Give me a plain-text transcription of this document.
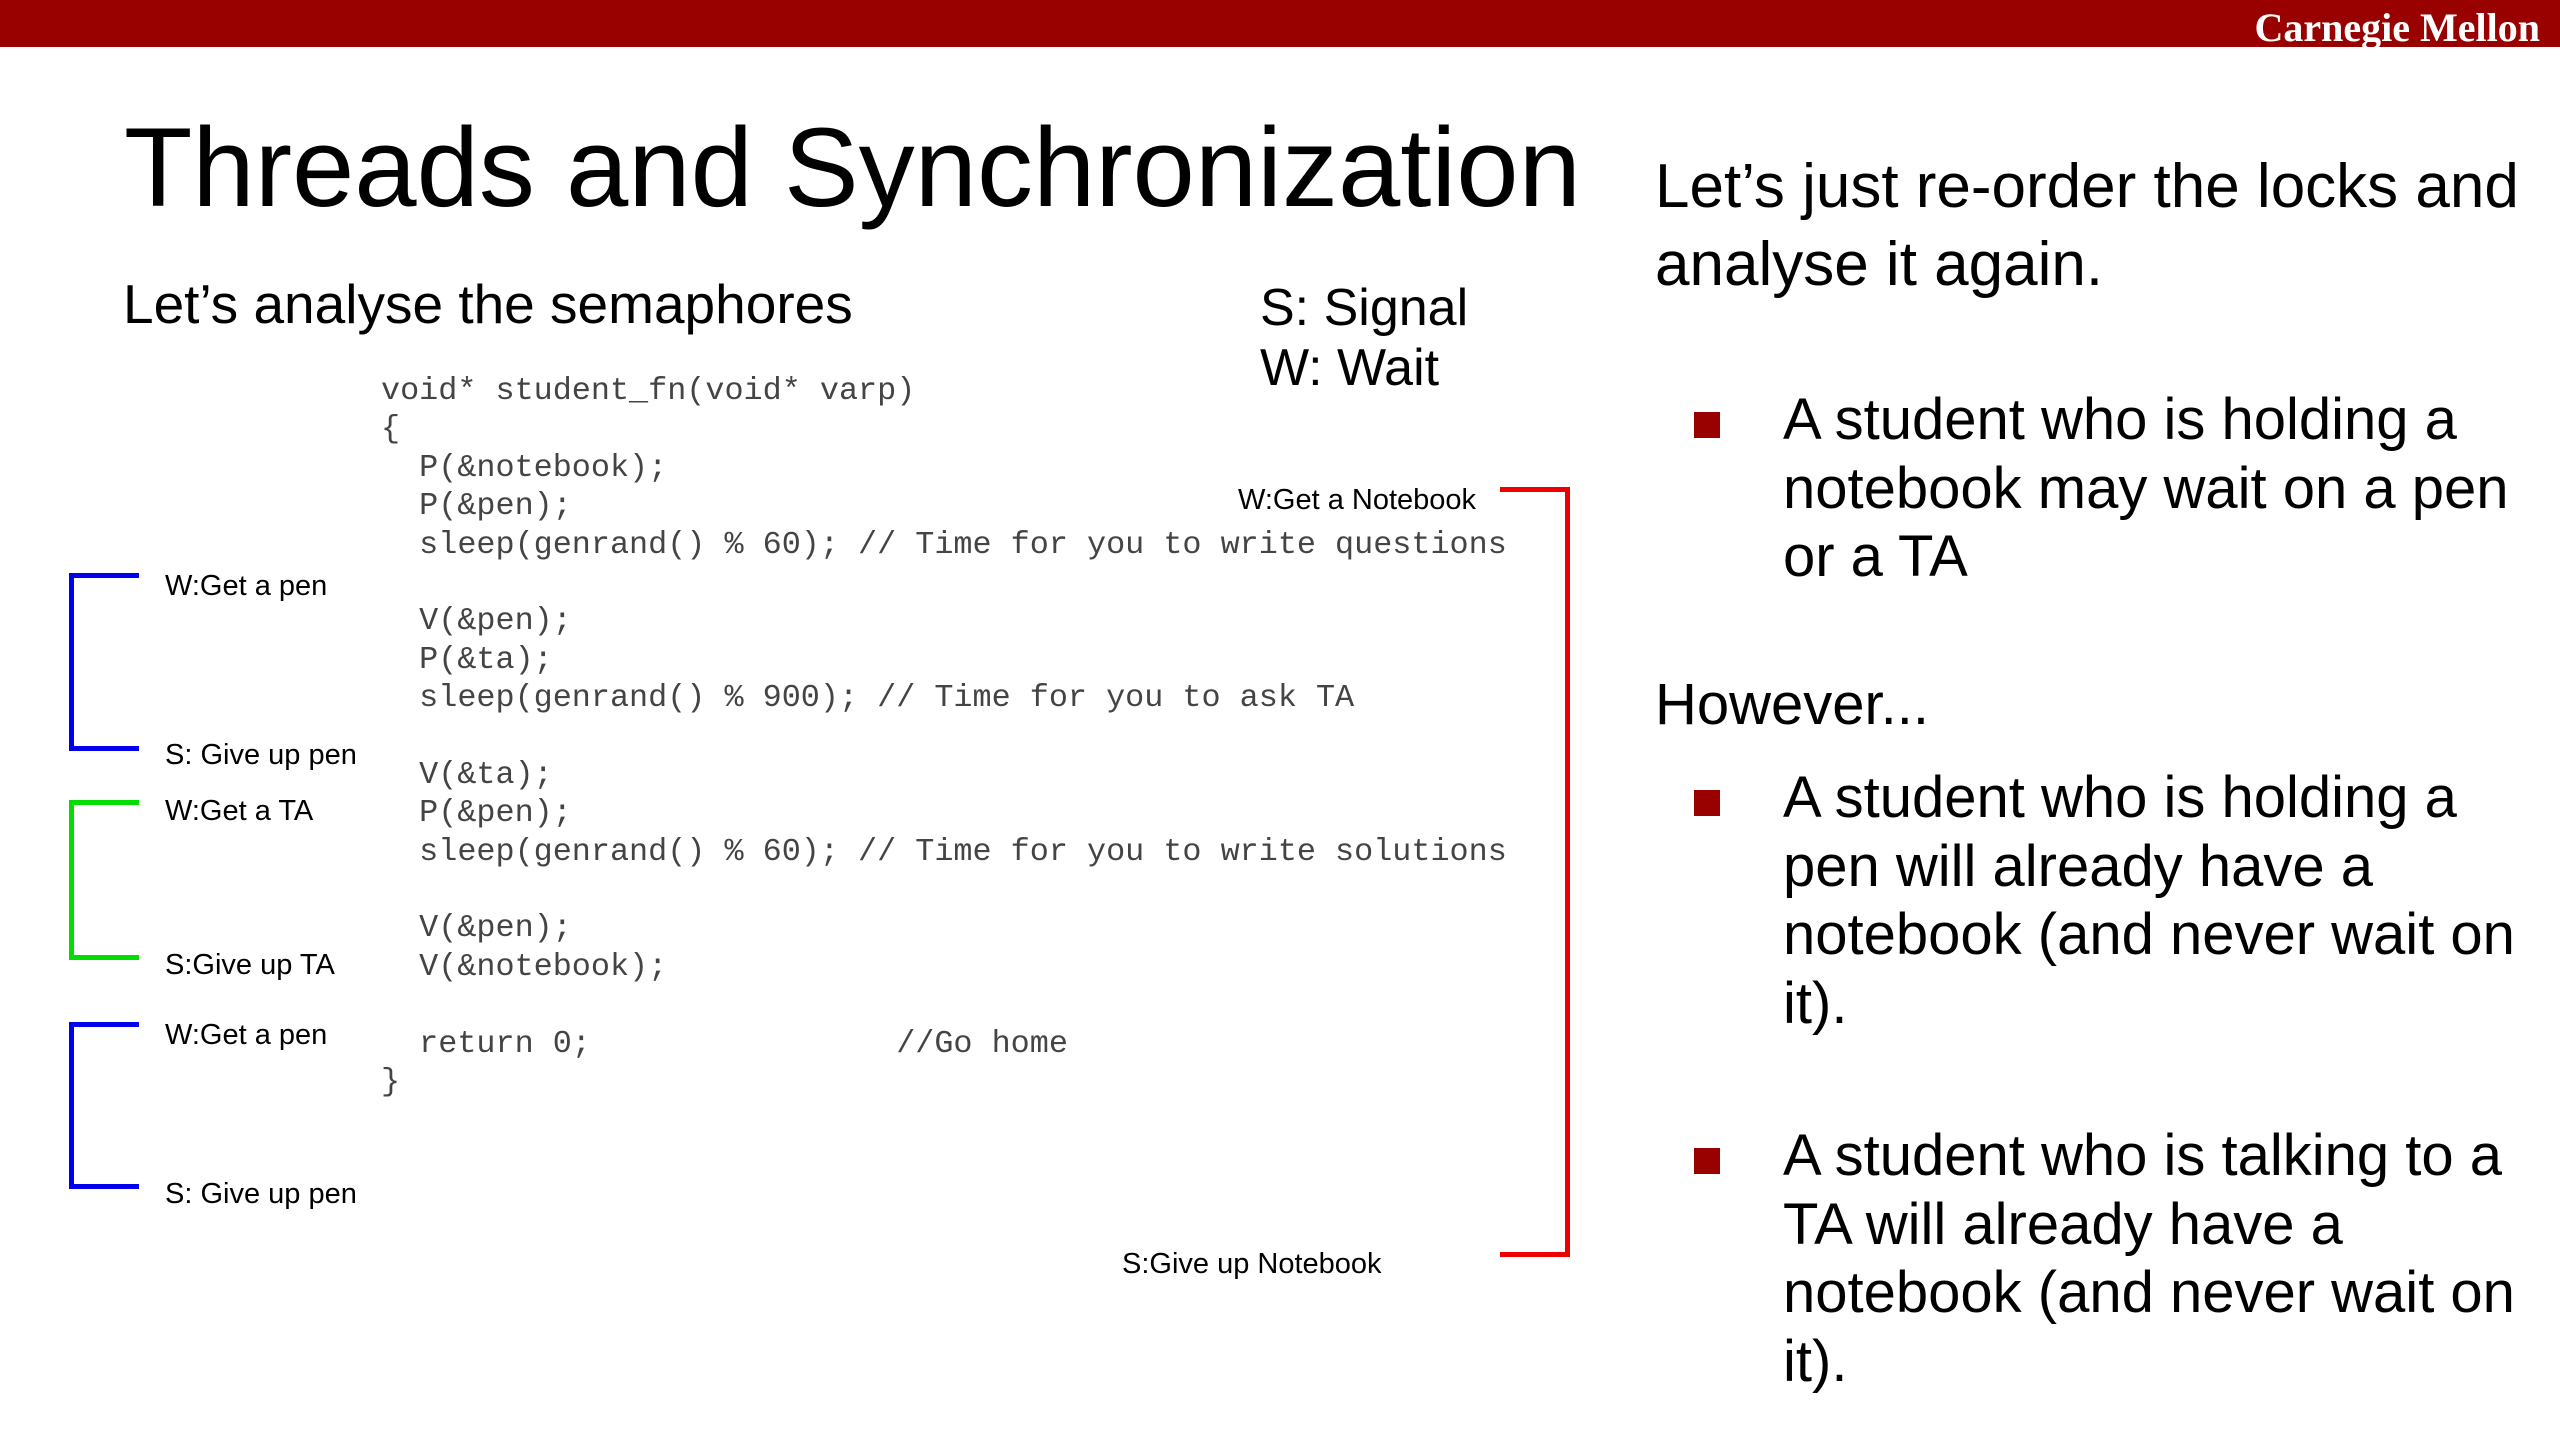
Carnegie Mellon
Threads and Synchronization
Let’s analyse the semaphores	S: Signal
W: Wait
void* student_fn(void* varp)
{
P(&notebook);
P(&pen);
sleep(genrand() % 60); // Time for you to write questions
V(&pen);
P(&ta);
sleep(genrand() % 900); // Time for you to ask TA
V(&ta);
P(&pen);
sleep(genrand() % 60); // Time for you to write solutions
V(&pen);
V(&notebook);
return 0;                //Go home
}
W:Get a pen
S: Give up pen
W:Get a TA
S:Give up TA
W:Get a pen
S: Give up pen
W:Get a Notebook
S:Give up Notebook
Let’s just re-order the locks and analyse it again.
A student who is holding a notebook may wait on a pen or a TA
However...
A student who is holding a pen will already have a notebook (and never wait on it).
A student who is talking to a TA will already have a notebook (and never wait on it).
